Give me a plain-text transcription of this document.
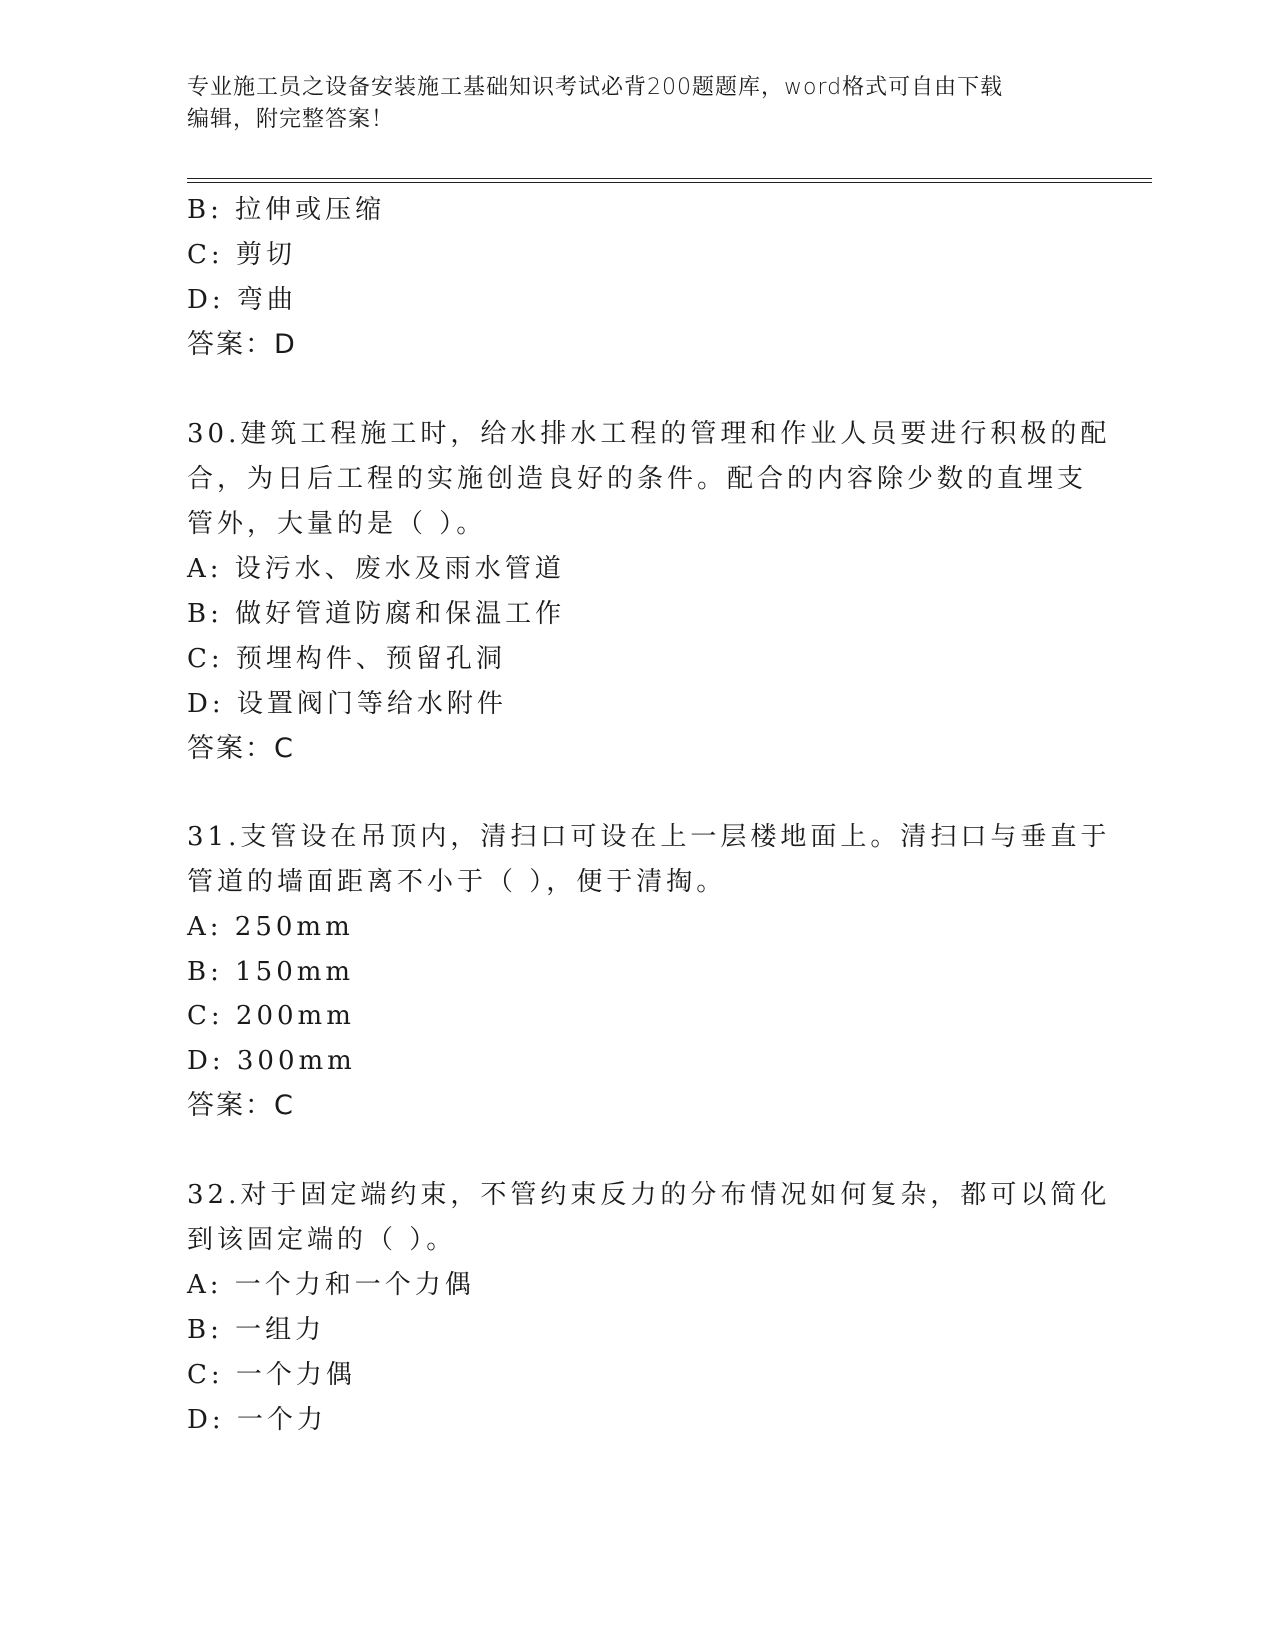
专业施工员之设备安装施工基础知识考试必背200题题库，word格式可自由下载
编辑，附完整答案！
B: 拉伸或压缩
C: 剪切
D: 弯曲
答案：D
30.建筑工程施工时，给水排水工程的管理和作业人员要进行积极的配
合，为日后工程的实施创造良好的条件。配合的内容除少数的直埋支
管外，大量的是（ ）。
A: 设污水、废水及雨水管道
B: 做好管道防腐和保温工作
C: 预埋构件、预留孔洞
D: 设置阀门等给水附件
答案：C
31.支管设在吊顶内，清扫口可设在上一层楼地面上。清扫口与垂直于
管道的墙面距离不小于（ ），便于清掏。
A: 250mm
B: 150mm
C: 200mm
D: 300mm
答案：C
32.对于固定端约束，不管约束反力的分布情况如何复杂，都可以简化
到该固定端的（ ）。
A: 一个力和一个力偶
B: 一组力
C: 一个力偶
D: 一个力
